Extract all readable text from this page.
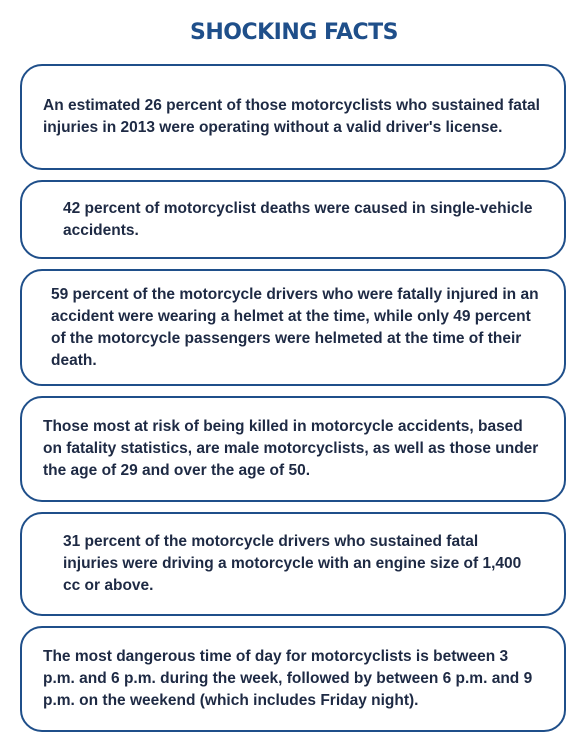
SHOCKING FACTS

An estimated 26 percent of those motorcyclists who sustained fatal injuries in 2013 were operating without a valid driver's license.

42 percent of motorcyclist deaths were caused in single-vehicle accidents.

59 percent of the motorcycle drivers who were fatally injured in an accident were wearing a helmet at the time, while only 49 percent of the motorcycle passengers were helmeted at the time of their death.

Those most at risk of being killed in motorcycle accidents, based on fatality statistics, are male motorcyclists, as well as those under the age of 29 and over the age of 50.

31 percent of the motorcycle drivers who sustained fatal injuries were driving a motorcycle with an engine size of 1,400 cc or above.

The most dangerous time of day for motorcyclists is between 3 p.m. and 6 p.m. during the week, followed by between 6 p.m. and 9 p.m. on the weekend (which includes Friday night).
